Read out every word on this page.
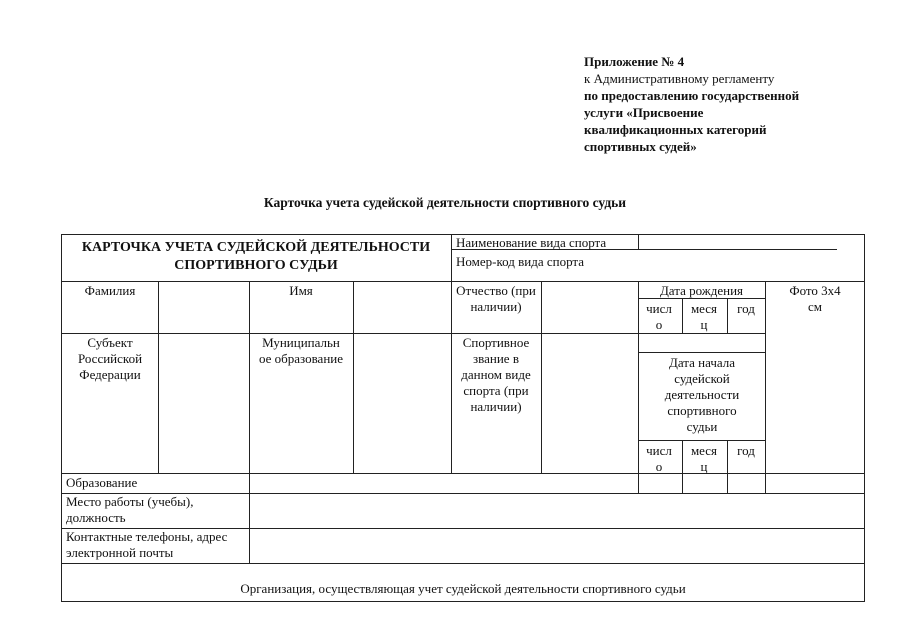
Приложение № 4
к Административному регламенту
по предоставлению государственной
услуги «Присвоение
квалификационных категорий
спортивных судей»
Карточка учета судейской деятельности спортивного судьи
КАРТОЧКА УЧЕТА СУДЕЙСКОЙ ДЕЯТЕЛЬНОСТИ СПОРТИВНОГО СУДЬИ
Наименование вида спорта
Номер-код вида спорта
Фамилия	Имя	Отчество (при наличии)
Дата рождения
числ о
меся ц
год
Фото 3х4 см
Субъект Российской Федерации
Муниципальн ое образование
Спортивное звание в данном виде спорта (при наличии)
Дата начала судейской деятельности спортивного судьи
числ о
меся ц
год
Образование
Место работы (учебы), должность
Контактные телефоны, адрес электронной почты
Организация, осуществляющая учет судейской деятельности спортивного судьи
